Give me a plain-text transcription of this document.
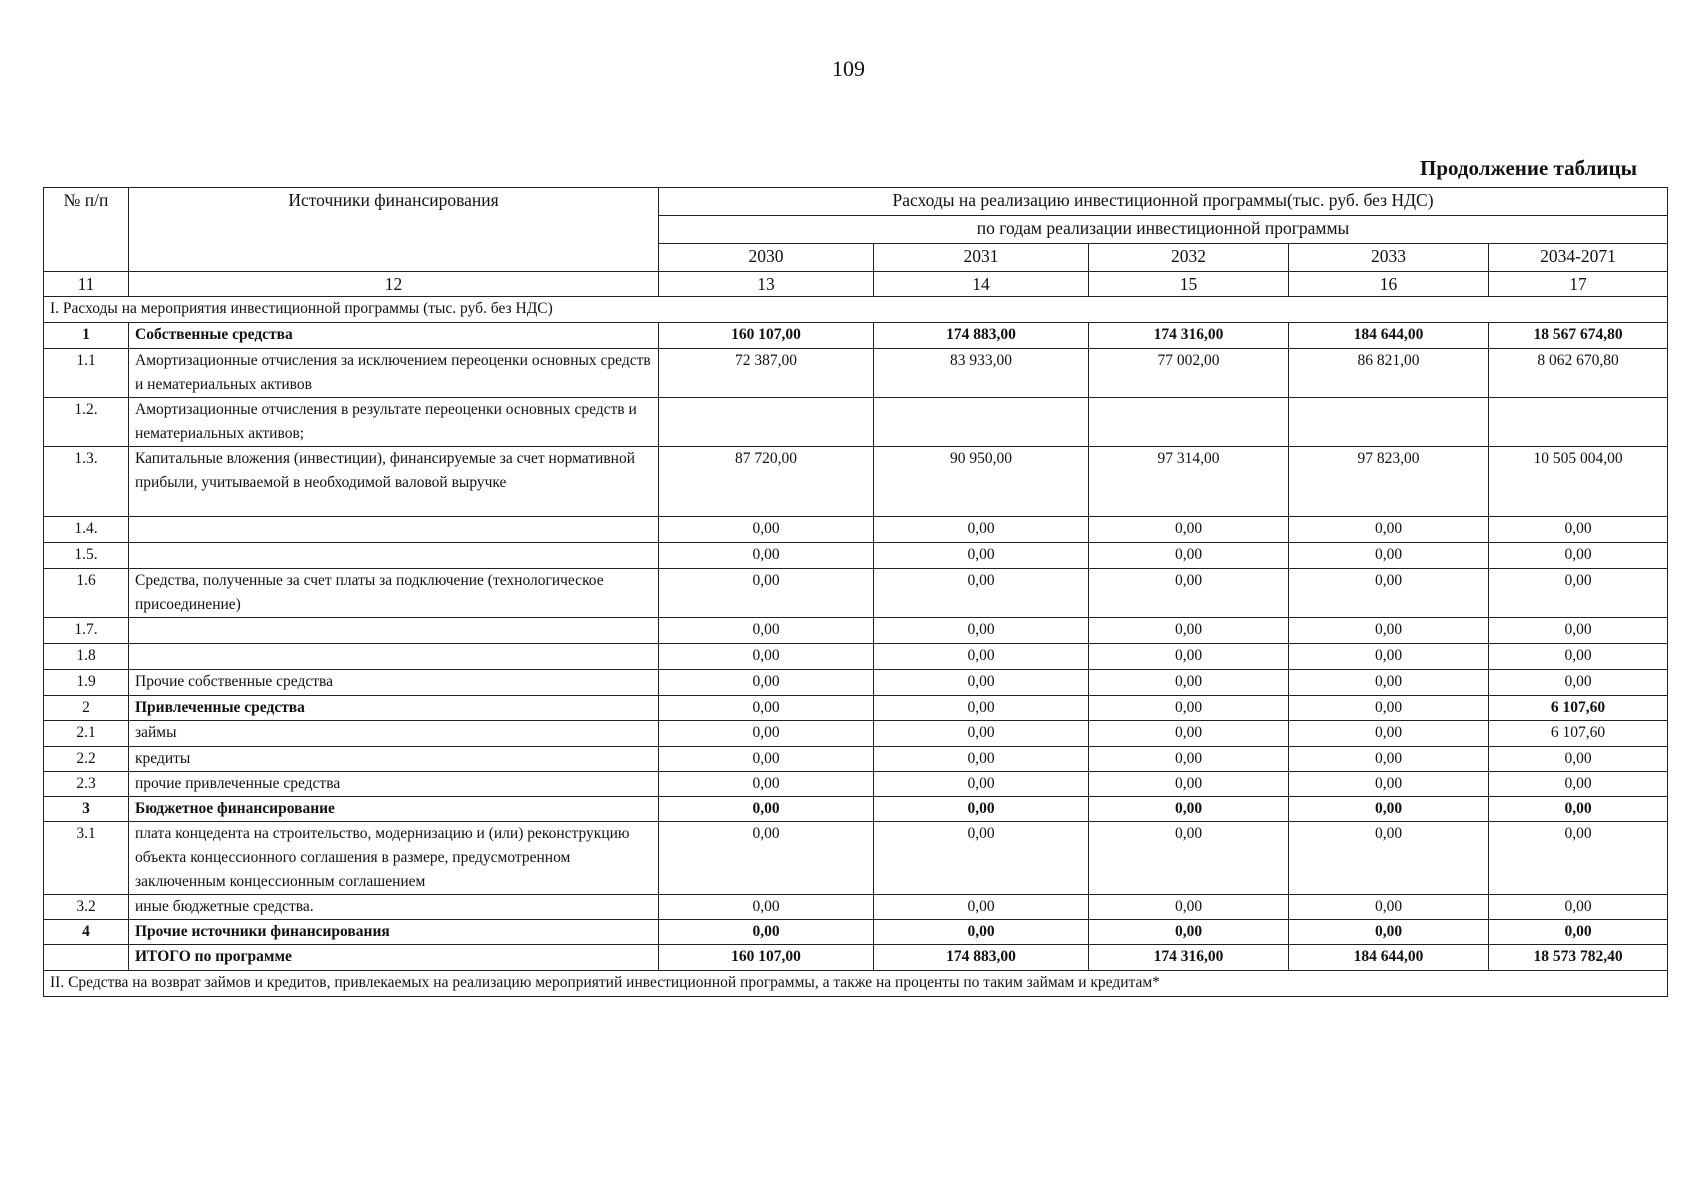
109
Продолжение таблицы
№ п/п	Источники финансирования	Расходы на реализацию инвестиционной программы(тыс. руб. без НДС)				
		по годам реализации инвестиционной программы				
		2030	2031	2032	2033	2034-2071
11	12	13	14	15	16	17
I. Расходы на мероприятия инвестиционной программы (тыс. руб. без НДС)						
1	Собственные средства	160 107,00	174 883,00	174 316,00	184 644,00	18 567 674,80
1.1	Амортизационные отчисления за исключением переоценки основных средств и нематериальных активов	72 387,00	83 933,00	77 002,00	86 821,00	8 062 670,80
1.2.	Амортизационные отчисления в результате переоценки основных средств и нематериальных активов;					
1.3.	Капитальные вложения (инвестиции), финансируемые за счет нормативной прибыли, учитываемой в необходимой валовой выручке	87 720,00	90 950,00	97 314,00	97 823,00	10 505 004,00
1.4.		0,00	0,00	0,00	0,00	0,00
1.5.		0,00	0,00	0,00	0,00	0,00
1.6	Средства, полученные за счет платы за подключение (технологическое присоединение)	0,00	0,00	0,00	0,00	0,00
1.7.		0,00	0,00	0,00	0,00	0,00
1.8		0,00	0,00	0,00	0,00	0,00
1.9	Прочие собственные средства	0,00	0,00	0,00	0,00	0,00
2	Привлеченные средства	0,00	0,00	0,00	0,00	6 107,60
2.1	займы	0,00	0,00	0,00	0,00	6 107,60
2.2	кредиты	0,00	0,00	0,00	0,00	0,00
2.3	прочие привлеченные средства	0,00	0,00	0,00	0,00	0,00
3	Бюджетное финансирование	0,00	0,00	0,00	0,00	0,00
3.1	плата концедента на строительство, модернизацию и (или) реконструкцию объекта концессионного соглашения в размере, предусмотренном заключенным концессионным соглашением	0,00	0,00	0,00	0,00	0,00
3.2	иные бюджетные средства.	0,00	0,00	0,00	0,00	0,00
4	Прочие источники финансирования	0,00	0,00	0,00	0,00	0,00
	ИТОГО по программе	160 107,00	174 883,00	174 316,00	184 644,00	18 573 782,40
II. Средства на возврат займов и кредитов, привлекаемых на реализацию мероприятий инвестиционной программы, а также на проценты по таким займам и кредитам*						
